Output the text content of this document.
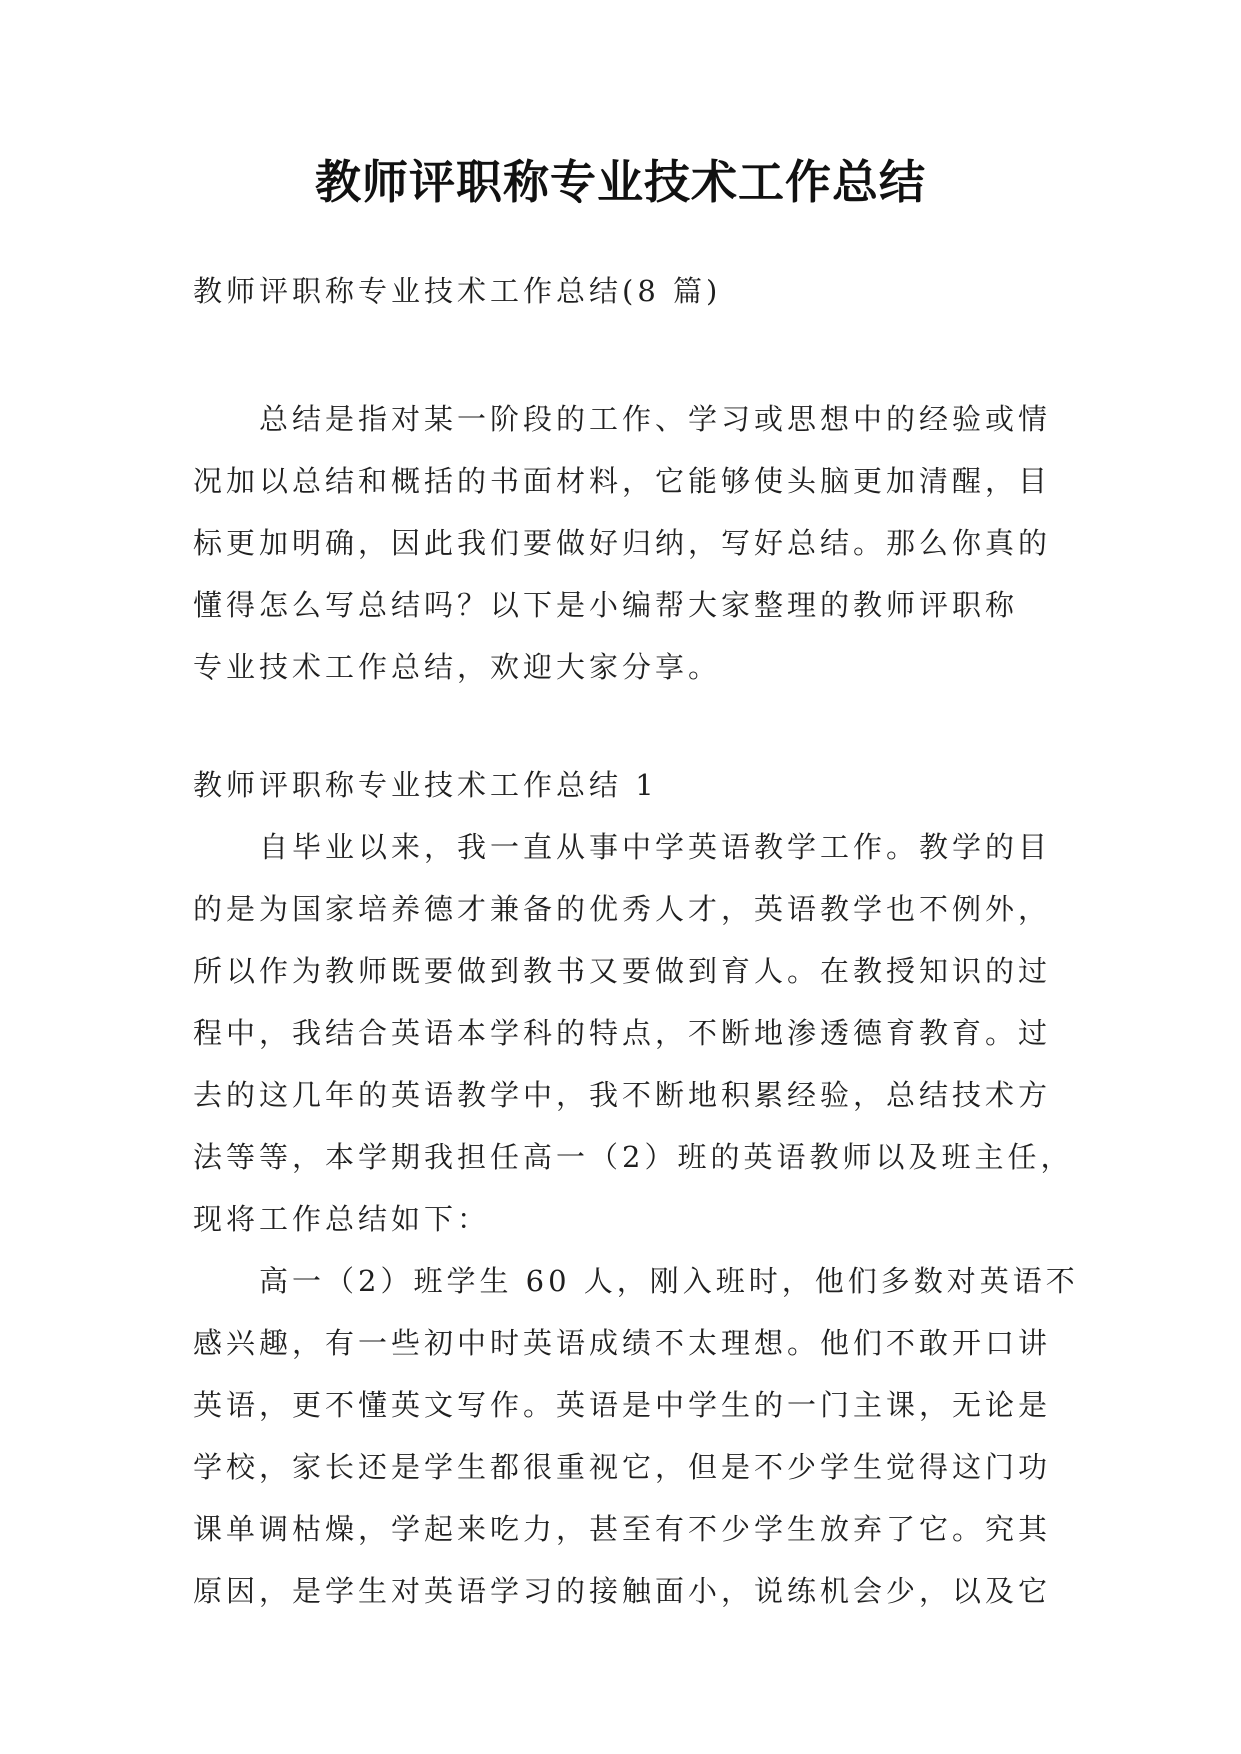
教师评职称专业技术工作总结
教师评职称专业技术工作总结(8 篇)
总结是指对某一阶段的工作、学习或思想中的经验或情
况加以总结和概括的书面材料，它能够使头脑更加清醒，目
标更加明确，因此我们要做好归纳，写好总结。那么你真的
懂得怎么写总结吗？以下是小编帮大家整理的教师评职称
专业技术工作总结，欢迎大家分享。
教师评职称专业技术工作总结 1
自毕业以来，我一直从事中学英语教学工作。教学的目
的是为国家培养德才兼备的优秀人才，英语教学也不例外，
所以作为教师既要做到教书又要做到育人。在教授知识的过
程中，我结合英语本学科的特点，不断地渗透德育教育。过
去的这几年的英语教学中，我不断地积累经验，总结技术方
法等等，本学期我担任高一（2）班的英语教师以及班主任，
现将工作总结如下：
高一（2）班学生 60 人，刚入班时，他们多数对英语不
感兴趣，有一些初中时英语成绩不太理想。他们不敢开口讲
英语，更不懂英文写作。英语是中学生的一门主课，无论是
学校，家长还是学生都很重视它，但是不少学生觉得这门功
课单调枯燥，学起来吃力，甚至有不少学生放弃了它。究其
原因，是学生对英语学习的接触面小，说练机会少，以及它
